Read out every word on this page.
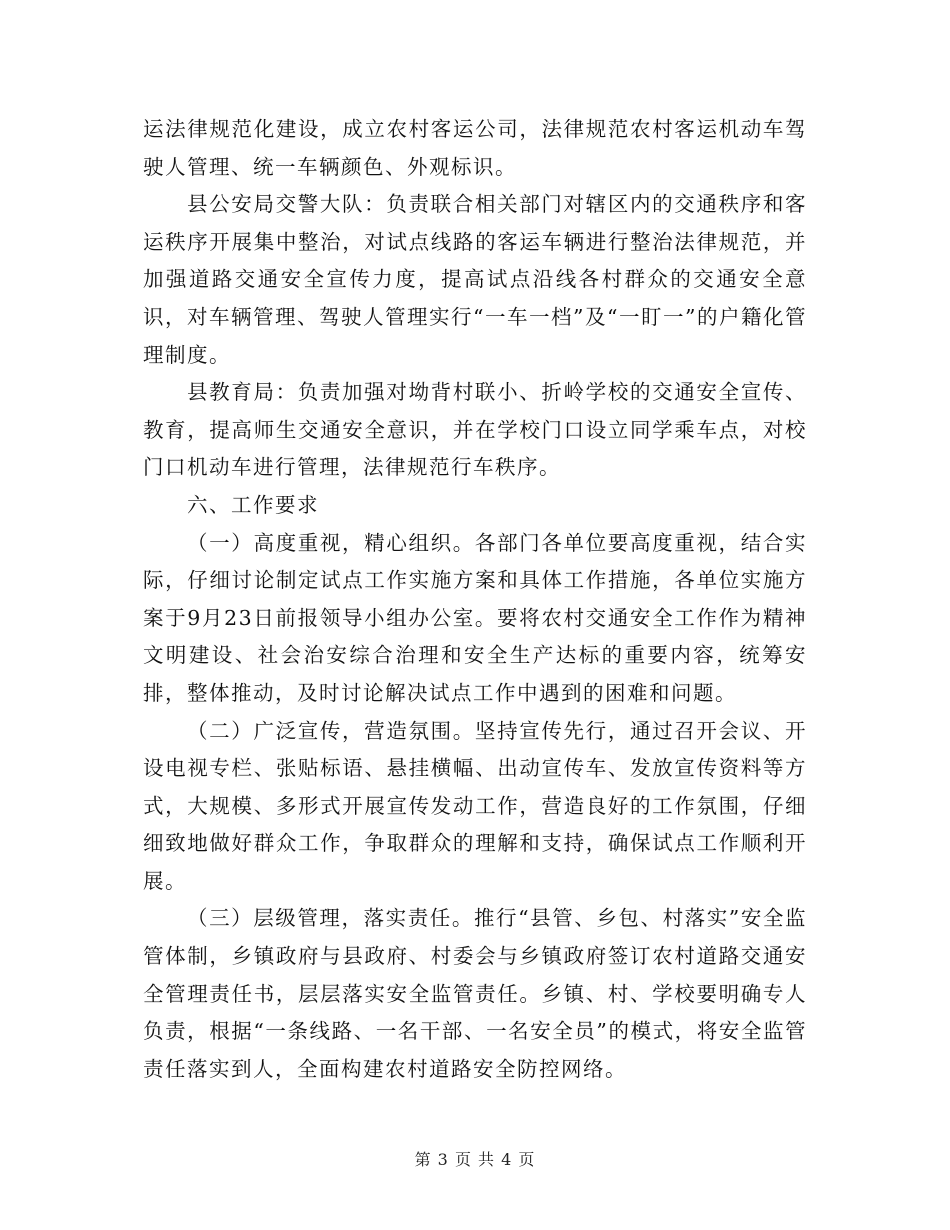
运法律规范化建设，成立农村客运公司，法律规范农村客运机动车驾驶人管理、统一车辆颜色、外观标识。

县公安局交警大队：负责联合相关部门对辖区内的交通秩序和客运秩序开展集中整治，对试点线路的客运车辆进行整治法律规范，并加强道路交通安全宣传力度，提高试点沿线各村群众的交通安全意识，对车辆管理、驾驶人管理实行“一车一档”及“一盯一”的户籍化管理制度。

县教育局：负责加强对坳背村联小、折岭学校的交通安全宣传、教育，提高师生交通安全意识，并在学校门口设立同学乘车点，对校门口机动车进行管理，法律规范行车秩序。

六、工作要求

（一）高度重视，精心组织。各部门各单位要高度重视，结合实际，仔细讨论制定试点工作实施方案和具体工作措施，各单位实施方案于9月23日前报领导小组办公室。要将农村交通安全工作作为精神文明建设、社会治安综合治理和安全生产达标的重要内容，统筹安排，整体推动，及时讨论解决试点工作中遇到的困难和问题。

（二）广泛宣传，营造氛围。坚持宣传先行，通过召开会议、开设电视专栏、张贴标语、悬挂横幅、出动宣传车、发放宣传资料等方式，大规模、多形式开展宣传发动工作，营造良好的工作氛围，仔细细致地做好群众工作，争取群众的理解和支持，确保试点工作顺利开展。

（三）层级管理，落实责任。推行“县管、乡包、村落实”安全监管体制，乡镇政府与县政府、村委会与乡镇政府签订农村道路交通安全管理责任书，层层落实安全监管责任。乡镇、村、学校要明确专人负责，根据“一条线路、一名干部、一名安全员”的模式，将安全监管责任落实到人，全面构建农村道路安全防控网络。

第 3 页 共 4 页
